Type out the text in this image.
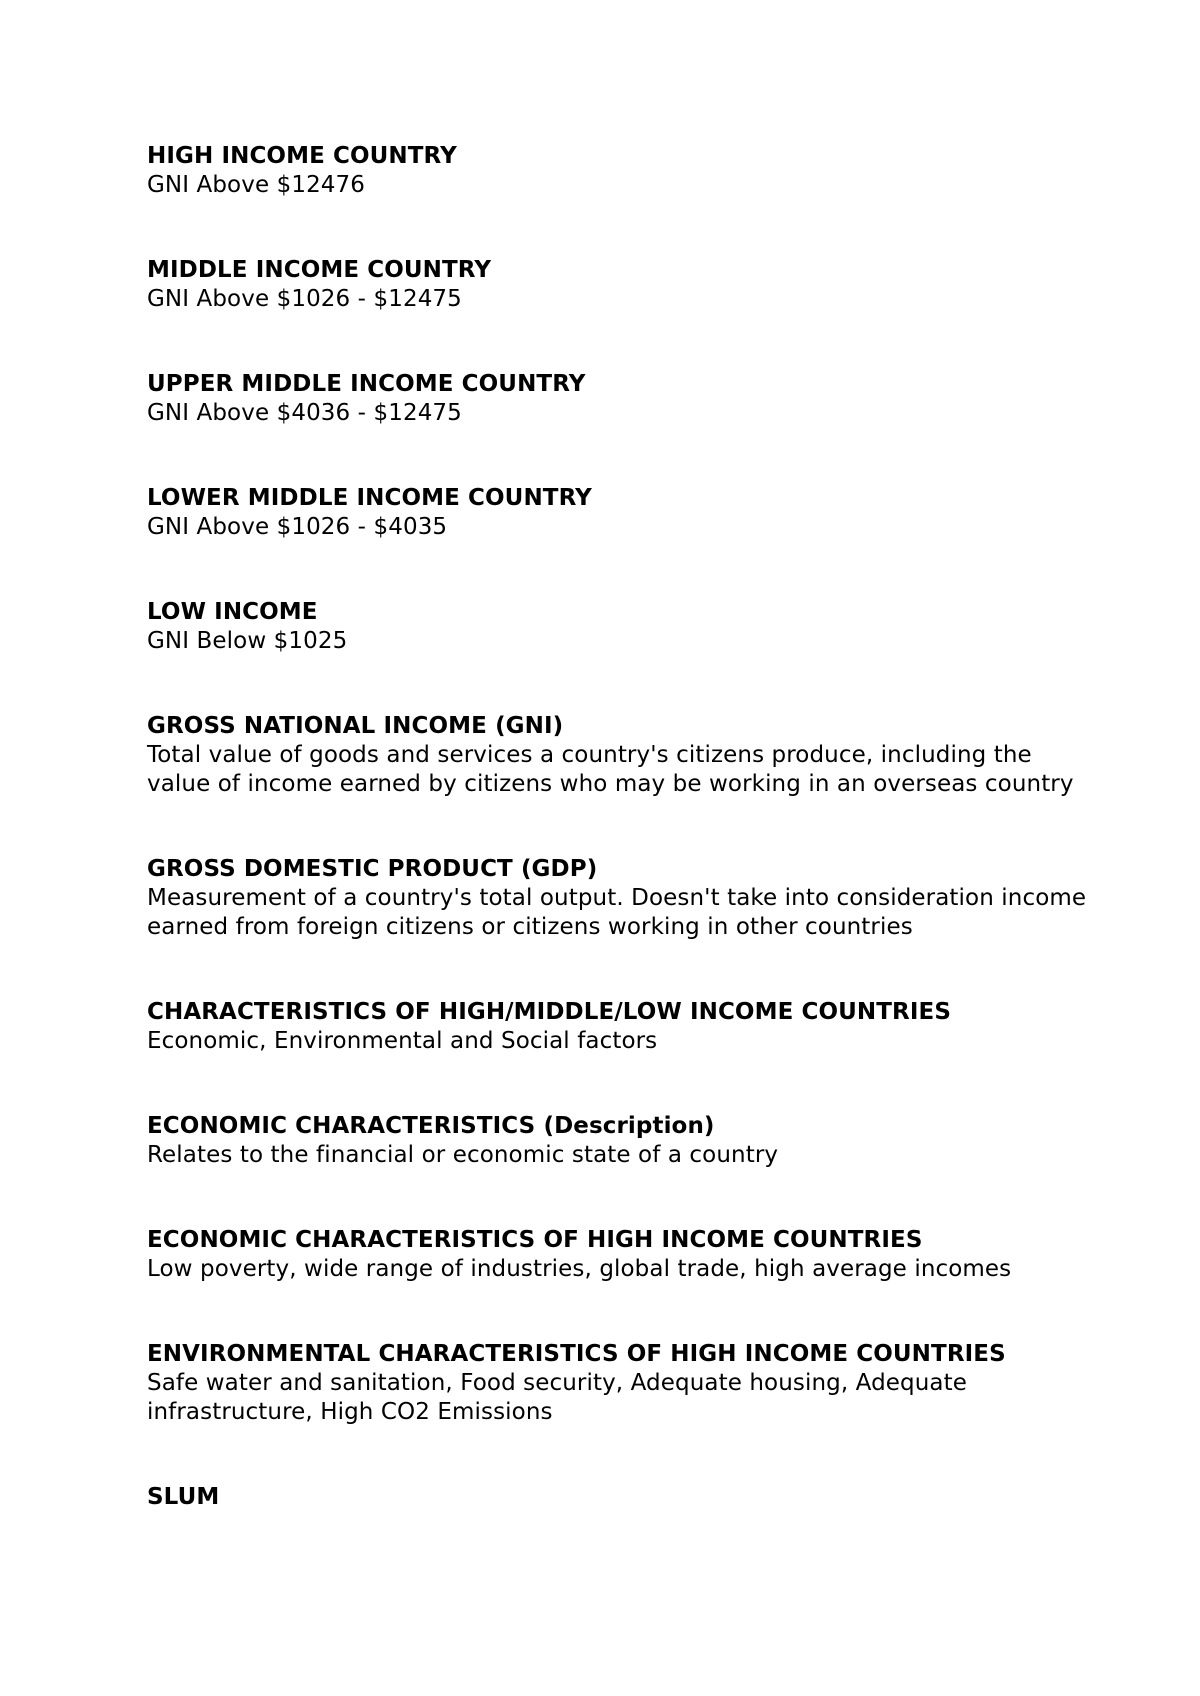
HIGH INCOME COUNTRY
GNI Above $12476
MIDDLE INCOME COUNTRY
GNI Above $1026 - $12475
UPPER MIDDLE INCOME COUNTRY
GNI Above $4036 - $12475
LOWER MIDDLE INCOME COUNTRY
GNI Above $1026 - $4035
LOW INCOME
GNI Below $1025
GROSS NATIONAL INCOME (GNI)
Total value of goods and services a country's citizens produce, including the value of income earned by citizens who may be working in an overseas country
GROSS DOMESTIC PRODUCT (GDP)
Measurement of a country's total output. Doesn't take into consideration income earned from foreign citizens or citizens working in other countries
CHARACTERISTICS OF HIGH/MIDDLE/LOW INCOME COUNTRIES
Economic, Environmental and Social factors
ECONOMIC CHARACTERISTICS (Description)
Relates to the financial or economic state of a country
ECONOMIC CHARACTERISTICS OF HIGH INCOME COUNTRIES
Low poverty, wide range of industries, global trade, high average incomes
ENVIRONMENTAL CHARACTERISTICS OF HIGH INCOME COUNTRIES
Safe water and sanitation, Food security, Adequate housing, Adequate infrastructure, High CO2 Emissions
SLUM
